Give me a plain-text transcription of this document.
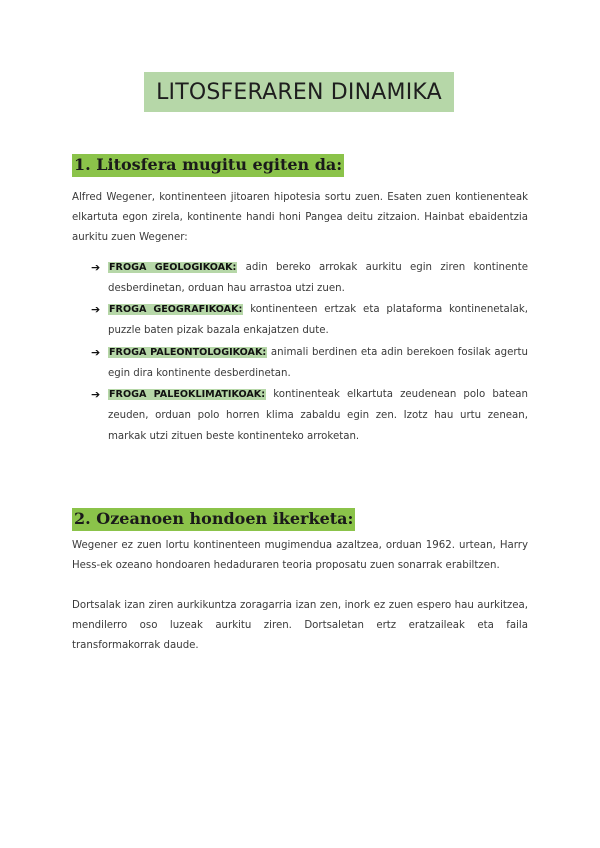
LITOSFERAREN DINAMIKA
1. Litosfera mugitu egiten da:
Alfred Wegener, kontinenteen jitoaren hipotesia sortu zuen. Esaten zuen kontienenteak elkartuta egon zirela, kontinente handi honi Pangea deitu zitzaion. Hainbat ebaidentzia aurkitu zuen Wegener:
➔ FROGA GEOLOGIKOAK: adin bereko arrokak aurkitu egin ziren kontinente desberdinetan, orduan hau arrastoa utzi zuen.
➔ FROGA GEOGRAFIKOAK: kontinenteen ertzak eta plataforma kontinenetalak, puzzle baten pizak bazala enkajatzen dute.
➔ FROGA PALEONTOLOGIKOAK: animali berdinen eta adin berekoen fosilak agertu egin dira kontinente desberdinetan.
➔ FROGA PALEOKLIMATIKOAK: kontinenteak elkartuta zeudenean polo batean zeuden, orduan polo horren klima zabaldu egin zen. Izotz hau urtu zenean, markak utzi zituen beste kontinenteko arroketan.
2. Ozeanoen hondoen ikerketa:
Wegener ez zuen lortu kontinenteen mugimendua azaltzea, orduan 1962. urtean, Harry Hess-ek ozeano hondoaren hedaduraren teoria proposatu zuen sonarrak erabiltzen.
Dortsalak izan ziren aurkikuntza zoragarria izan zen, inork ez zuen espero hau aurkitzea, mendilerro oso luzeak aurkitu ziren. Dortsaletan ertz eratzaileak eta faila transformakorrak daude.
